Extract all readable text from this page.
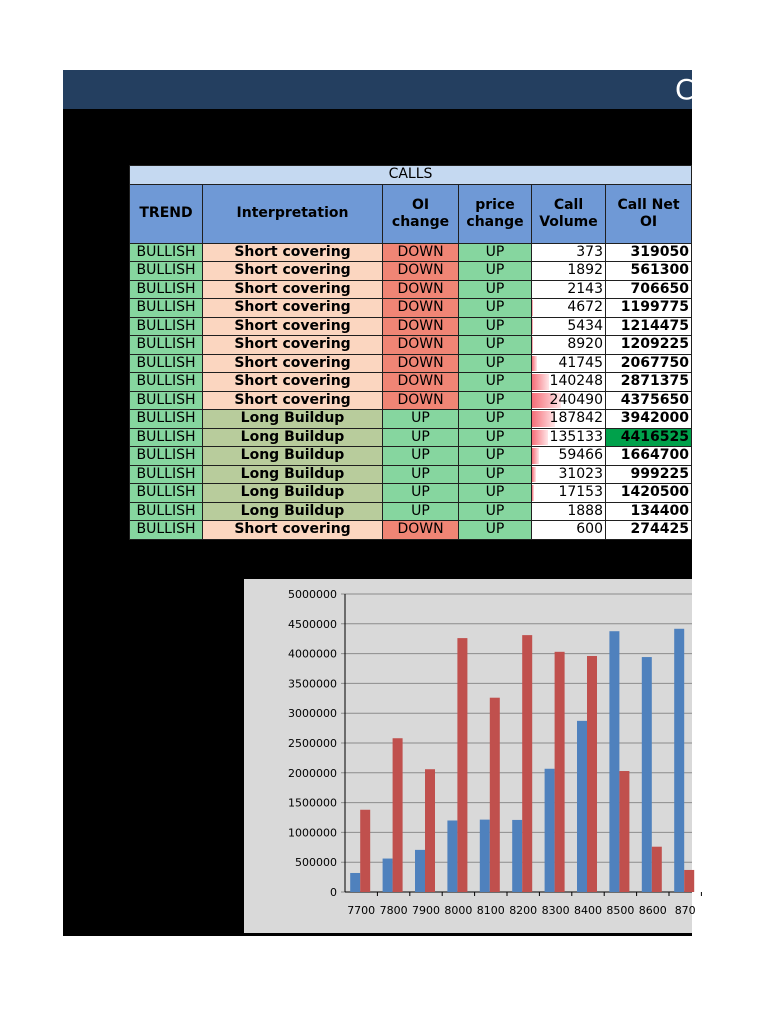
C
CALLS					
TREND	Interpretation	OI change	price change	Call Volume	Call Net OI
BULLISH	Short covering	DOWN	UP	373	319050
BULLISH	Short covering	DOWN	UP	1892	561300
BULLISH	Short covering	DOWN	UP	2143	706650
BULLISH	Short covering	DOWN	UP	4672	1199775
BULLISH	Short covering	DOWN	UP	5434	1214475
BULLISH	Short covering	DOWN	UP	8920	1209225
BULLISH	Short covering	DOWN	UP	41745	2067750
BULLISH	Short covering	DOWN	UP	140248	2871375
BULLISH	Short covering	DOWN	UP	240490	4375650
BULLISH	Long Buildup	UP	UP	187842	3942000
BULLISH	Long Buildup	UP	UP	135133	4416525
BULLISH	Long Buildup	UP	UP	59466	1664700
BULLISH	Long Buildup	UP	UP	31023	999225
BULLISH	Long Buildup	UP	UP	17153	1420500
BULLISH	Long Buildup	UP	UP	1888	134400
BULLISH	Short covering	DOWN	UP	600	274425
0
500000
1000000
1500000
2000000
2500000
3000000
3500000
4000000
4500000
5000000
7700 7800 7900 8000 8100 8200 8300 8400 8500 8600 870
